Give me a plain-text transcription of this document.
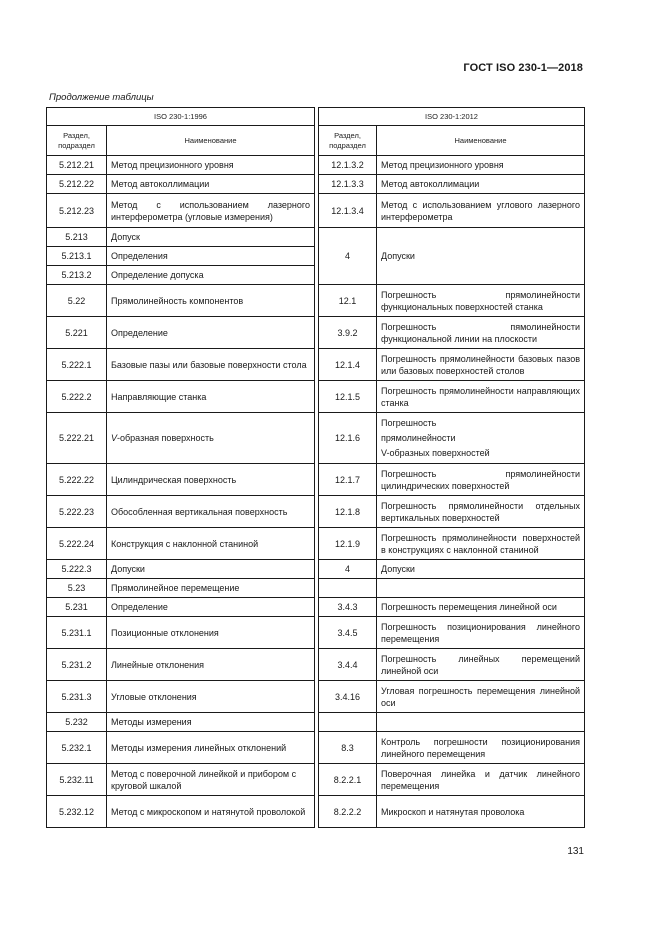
ГОСТ ISO 230-1—2018
Продолжение таблицы
ISO 230-1:1996			ISO 230-1:2012	
Раздел, подраздел	Наименование		Раздел, подраздел	Наименование
5.212.21	Метод прецизионного уровня		12.1.3.2	Метод прецизионного уровня
5.212.22	Метод автоколлимации		12.1.3.3	Метод автоколлимации
5.212.23	Метод с использованием лазерного интерферометра (угловые измерения)		12.1.3.4	Метод с использованием углового лазерного интерферометра
5.213	Допуск		4	Допуски
5.213.1	Определения			
5.213.2	Определение допуска			
5.22	Прямолинейность компонентов		12.1	Погрешность прямолинейности функциональных поверхностей станка
5.221	Определение		3.9.2	Погрешность пямолинейности функциональной линии на плоскости
5.222.1	Базовые пазы или базовые поверхности стола		12.1.4	Погрешность прямолинейности базовых пазов или базовых поверхностей столов
5.222.2	Направляющие станка		12.1.5	Погрешность прямолинейности направляющих станка
5.222.21	V-образная поверхность		12.1.6	Погрешность
прямолинейности
V-образных поверхностей

5.222.22	Цилиндрическая поверхность		12.1.7	Погрешность прямолинейности цилиндрических поверхностей
5.222.23	Обособленная вертикальная поверхность		12.1.8	Погрешность прямолинейности отдельных вертикальных поверхностей
5.222.24	Конструкция с наклонной станиной		12.1.9	Погрешность прямолинейности поверхностей в конструкциях с наклонной станиной
5.222.3	Допуски		4	Допуски
5.23	Прямолинейное перемещение			
5.231	Определение		3.4.3	Погрешность перемещения линейной оси
5.231.1	Позиционные отклонения		3.4.5	Погрешность позиционирования линейного перемещения
5.231.2	Линейные отклонения		3.4.4	Погрешность линейных перемещений линейной оси
5.231.3	Угловые отклонения		3.4.16	Угловая погрешность перемещения линейной оси
5.232	Методы измерения			
5.232.1	Методы измерения линейных отклонений		8.3	Контроль погрешности позиционирования линейного перемещения
5.232.11	Метод с поверочной линейкой и прибором с круговой шкалой		8.2.2.1	Поверочная линейка и датчик линейного перемещения
5.232.12	Метод с микроскопом и натянутой проволокой		8.2.2.2	Микроскоп и натянутая проволока
131
